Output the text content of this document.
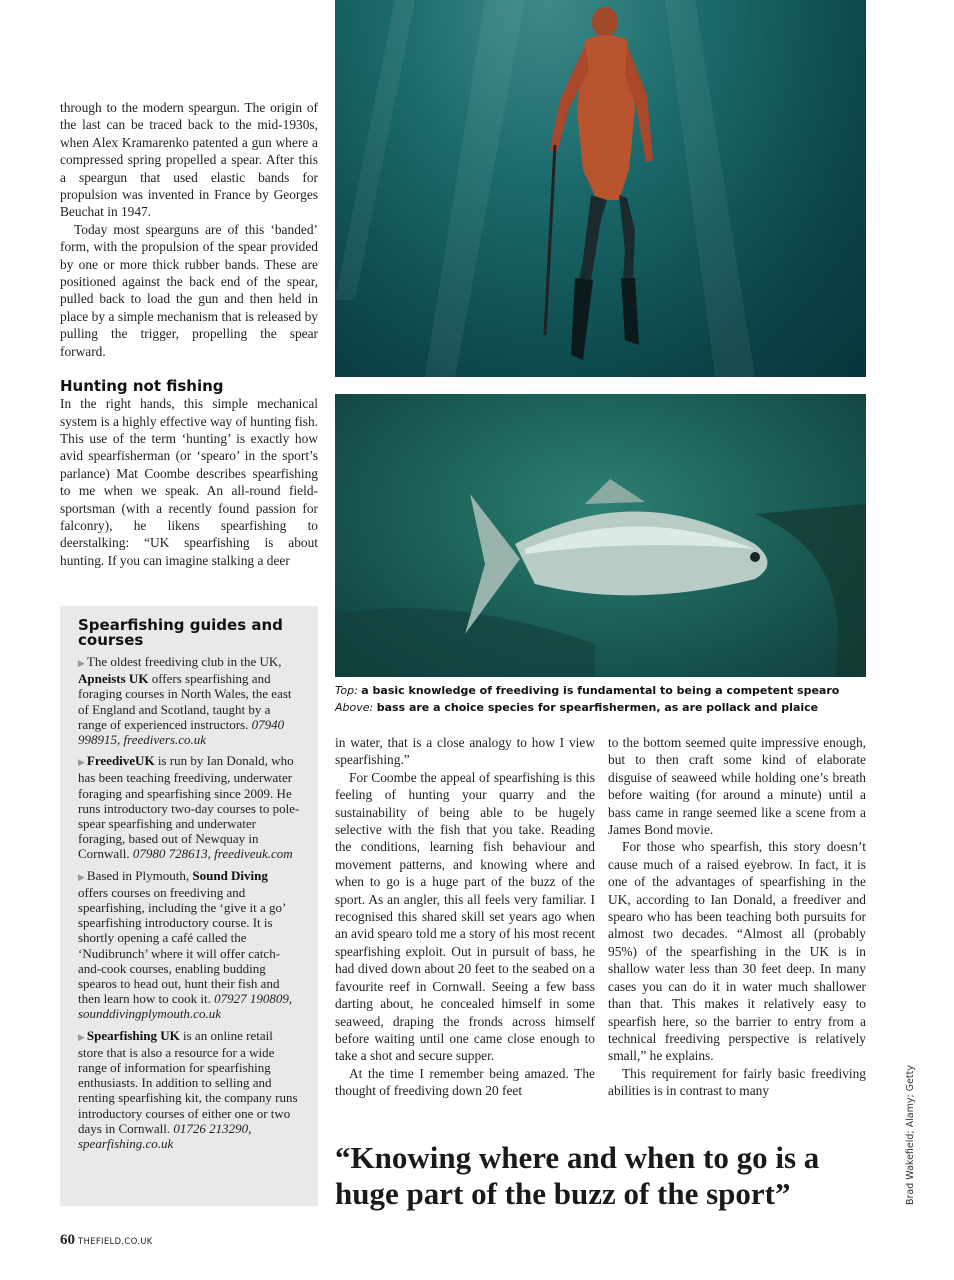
through to the modern speargun. The origin of the last can be traced back to the mid-1930s, when Alex Kramarenko patented a gun where a compressed spring propelled a spear. After this a speargun that used elastic bands for propulsion was invented in France by Georges Beuchat in 1947.

Today most spearguns are of this ‘banded’ form, with the propulsion of the spear provided by one or more thick rubber bands. These are positioned against the back end of the spear, pulled back to load the gun and then held in place by a simple mechanism that is released by pulling the trigger, propelling the spear forward.

Hunting not fishing

In the right hands, this simple mechanical system is a highly effective way of hunting fish. This use of the term ‘hunting’ is exactly how avid spearfisherman (or ‘spearo’ in the sport’s parlance) Mat Coombe describes spearfishing to me when we speak. An all-round field-sportsman (with a recently found passion for falconry), he likens spearfishing to deerstalking: “UK spearfishing is about hunting. If you can imagine stalking a deer

Spearfishing guides and courses
▶ The oldest freediving club in the UK, Apneists UK offers spearfishing and foraging courses in North Wales, the east of England and Scotland, taught by a range of experienced instructors. 07940 998915, freedivers.co.uk
▶ FreediveUK is run by Ian Donald, who has been teaching freediving, underwater foraging and spearfishing since 2009. He runs introductory two-day courses to pole-spear spearfishing and underwater foraging, based out of Newquay in Cornwall. 07980 728613, freediveuk.com
▶ Based in Plymouth, Sound Diving offers courses on freediving and spearfishing, including the ‘give it a go’ spearfishing introductory course. It is shortly opening a café called the ‘Nudibrunch’ where it will offer catch-and-cook courses, enabling budding spearos to head out, hunt their fish and then learn how to cook it. 07927 190809, sounddivingplymouth.co.uk
▶ Spearfishing UK is an online retail store that is also a resource for a wide range of information for spearfishing enthusiasts. In addition to selling and renting spearfishing kit, the company runs introductory courses of either one or two days in Cornwall. 01726 213290, spearfishing.co.uk
Top: a basic knowledge of freediving is fundamental to being a competent spearo
Above: bass are a choice species for spearfishermen, as are pollack and plaice

in water, that is a close analogy to how I view spearfishing.”

For Coombe the appeal of spearfishing is this feeling of hunting your quarry and the sustainability of being able to be hugely selective with the fish that you take. Reading the conditions, learning fish behaviour and movement patterns, and knowing where and when to go is a huge part of the buzz of the sport. As an angler, this all feels very familiar. I recognised this shared skill set years ago when an avid spearo told me a story of his most recent spearfishing exploit. Out in pursuit of bass, he had dived down about 20 feet to the seabed on a favourite reef in Cornwall. Seeing a few bass darting about, he concealed himself in some seaweed, draping the fronds across himself before waiting until one came close enough to take a shot and secure supper.

At the time I remember being amazed. The thought of freediving down 20 feet

to the bottom seemed quite impressive enough, but to then craft some kind of elaborate disguise of seaweed while holding one’s breath before waiting (for around a minute) until a bass came in range seemed like a scene from a James Bond movie.

For those who spearfish, this story doesn’t cause much of a raised eyebrow. In fact, it is one of the advantages of spearfishing in the UK, according to Ian Donald, a freediver and spearo who has been teaching both pursuits for almost two decades. “Almost all (probably 95%) of the spearfishing in the UK is in shallow water less than 30 feet deep. In many cases you can do it in water much shallower than that. This makes it relatively easy to spearfish here, so the barrier to entry from a technical freediving perspective is relatively small,” he explains.

This requirement for fairly basic freediving abilities is in contrast to many

“Knowing where and when to go is a huge part of the buzz of the sport”	Brad Wakefield; Alamy; Getty
60 THEFIELD.CO.UK
